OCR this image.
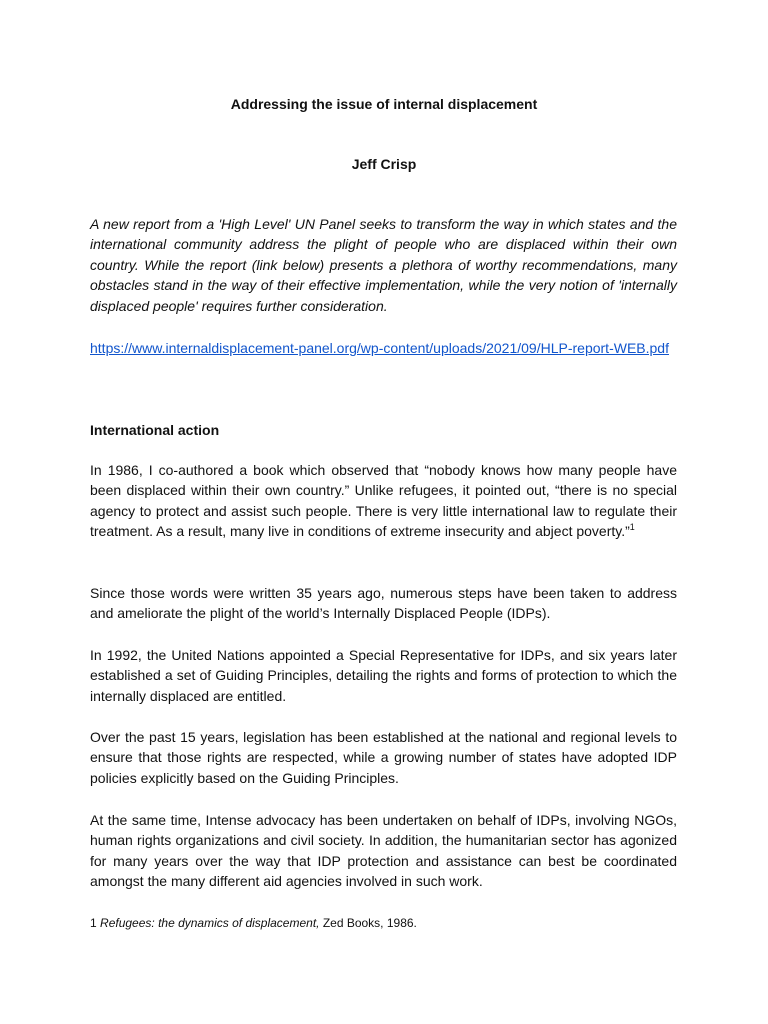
Addressing the issue of internal displacement
Jeff Crisp

A new report from a 'High Level' UN Panel seeks to transform the way in which states and the international community address the plight of people who are displaced within their own country. While the report (link below) presents a plethora of worthy recommendations, many obstacles stand in the way of their effective implementation, while the very notion of 'internally displaced people' requires further consideration.

https://www.internaldisplacement-panel.org/wp-content/uploads/2021/09/HLP-report-WEB.pdf
International action

In 1986, I co-authored a book which observed that “nobody knows how many people have been displaced within their own country.” Unlike refugees, it pointed out, “there is no special agency to protect and assist such people. There is very little international law to regulate their treatment. As a result, many live in conditions of extreme insecurity and abject poverty.”$^1$

Since those words were written 35 years ago, numerous steps have been taken to address and ameliorate the plight of the world’s Internally Displaced People (IDPs).

In 1992, the United Nations appointed a Special Representative for IDPs, and six years later established a set of Guiding Principles, detailing the rights and forms of protection to which the internally displaced are entitled.

Over the past 15 years, legislation has been established at the national and regional levels to ensure that those rights are respected, while a growing number of states have adopted IDP policies explicitly based on the Guiding Principles.

At the same time, Intense advocacy has been undertaken on behalf of IDPs, involving NGOs, human rights organizations and civil society. In addition, the humanitarian sector has agonized for many years over the way that IDP protection and assistance can best be coordinated amongst the many different aid agencies involved in such work.

1 Refugees: the dynamics of displacement, Zed Books, 1986.
